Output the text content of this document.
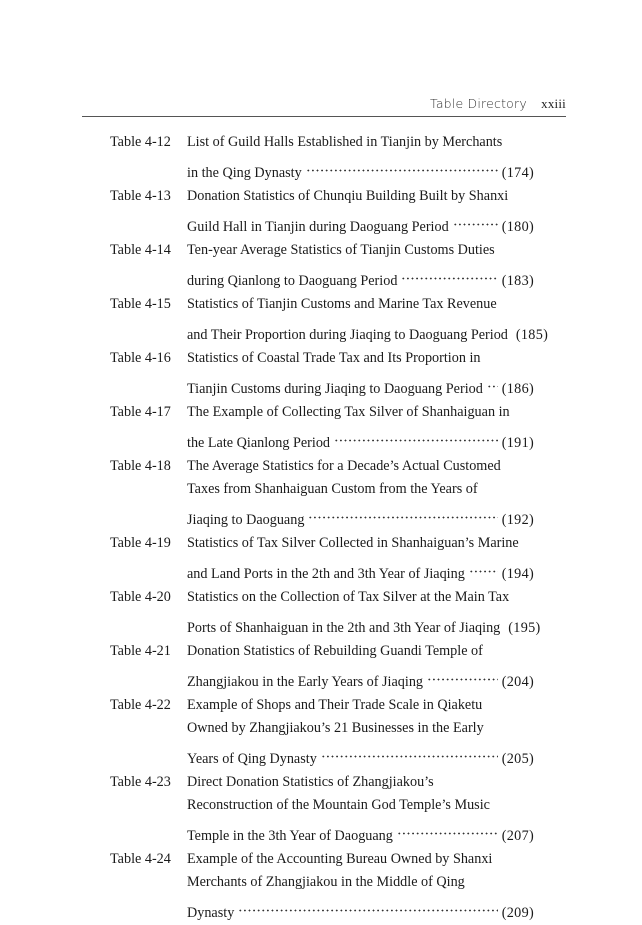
Table Directory xxiii
Table 4-12 List of Guild Halls Established in Tianjin by Merchants
in the Qing Dynasty	(174)
Table 4-13 Donation Statistics of Chunqiu Building Built by Shanxi
Guild Hall in Tianjin during Daoguang Period	(180)
Table 4-14 Ten-year Average Statistics of Tianjin Customs Duties
during Qianlong to Daoguang Period	(183)
Table 4-15 Statistics of Tianjin Customs and Marine Tax Revenue
and Their Proportion during Jiaqing to Daoguang Period (185)
Table 4-16 Statistics of Coastal Trade Tax and Its Proportion in
Tianjin Customs during Jiaqing to Daoguang Period (186)
Table 4-17 The Example of Collecting Tax Silver of Shanhaiguan in
the Late Qianlong Period	(191)
Table 4-18 The Average Statistics for a Decade’s Actual Customed
Taxes from Shanhaiguan Custom from the Years of
Jiaqing to Daoguang	(192)
Table 4-19 Statistics of Tax Silver Collected in Shanhaiguan’s Marine
and Land Ports in the 2th and 3th Year of Jiaqing	(194)
Table 4-20 Statistics on the Collection of Tax Silver at the Main Tax
Ports of Shanhaiguan in the 2th and 3th Year of Jiaqing (195)
Table 4-21 Donation Statistics of Rebuilding Guandi Temple of
Zhangjiakou in the Early Years of Jiaqing	(204)
Table 4-22 Example of Shops and Their Trade Scale in Qiaketu
Owned by Zhangjiakou’s 21 Businesses in the Early
Years of Qing Dynasty	(205)
Table 4-23 Direct Donation Statistics of Zhangjiakou’s
Reconstruction of the Mountain God Temple’s Music
Temple in the 3th Year of Daoguang	(207)
Table 4-24 Example of the Accounting Bureau Owned by Shanxi
Merchants of Zhangjiakou in the Middle of Qing
Dynasty	(209)
